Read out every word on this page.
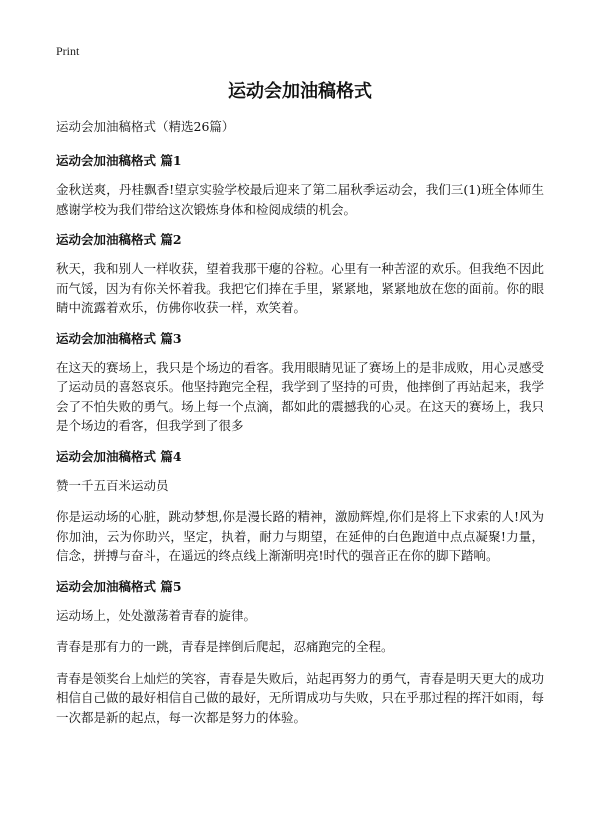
Print

运动会加油稿格式

运动会加油稿格式（精选26篇）

运动会加油稿格式 篇1

金秋送爽，丹桂飘香!望京实验学校最后迎来了第二届秋季运动会，我们三(1)班全体师生感谢学校为我们带给这次锻炼身体和检阅成绩的机会。

运动会加油稿格式 篇2

秋天，我和别人一样收获，望着我那干瘪的谷粒。心里有一种苦涩的欢乐。但我绝不因此而气馁，因为有你关怀着我。我把它们捧在手里，紧紧地，紧紧地放在您的面前。你的眼睛中流露着欢乐，仿佛你收获一样，欢笑着。

运动会加油稿格式 篇3

在这天的赛场上，我只是个场边的看客。我用眼睛见证了赛场上的是非成败，用心灵感受了运动员的喜怒哀乐。他坚持跑完全程，我学到了坚持的可贵，他摔倒了再站起来，我学会了不怕失败的勇气。场上每一个点滴，都如此的震撼我的心灵。在这天的赛场上，我只是个场边的看客，但我学到了很多

运动会加油稿格式 篇4

赞一千五百米运动员

你是运动场的心脏，跳动梦想,你是漫长路的精神，激励辉煌,你们是将上下求索的人!风为你加油，云为你助兴，坚定，执着，耐力与期望，在延伸的白色跑道中点点凝聚!力量，信念，拼搏与奋斗，在遥远的终点线上渐渐明亮!时代的强音正在你的脚下踏响。

运动会加油稿格式 篇5

运动场上，处处激荡着青春的旋律。

青春是那有力的一跳，青春是摔倒后爬起，忍痛跑完的全程。

青春是领奖台上灿烂的笑容，青春是失败后，站起再努力的勇气，青春是明天更大的成功相信自己做的最好相信自己做的最好，无所谓成功与失败，只在乎那过程的挥汗如雨，每一次都是新的起点，每一次都是努力的体验。
